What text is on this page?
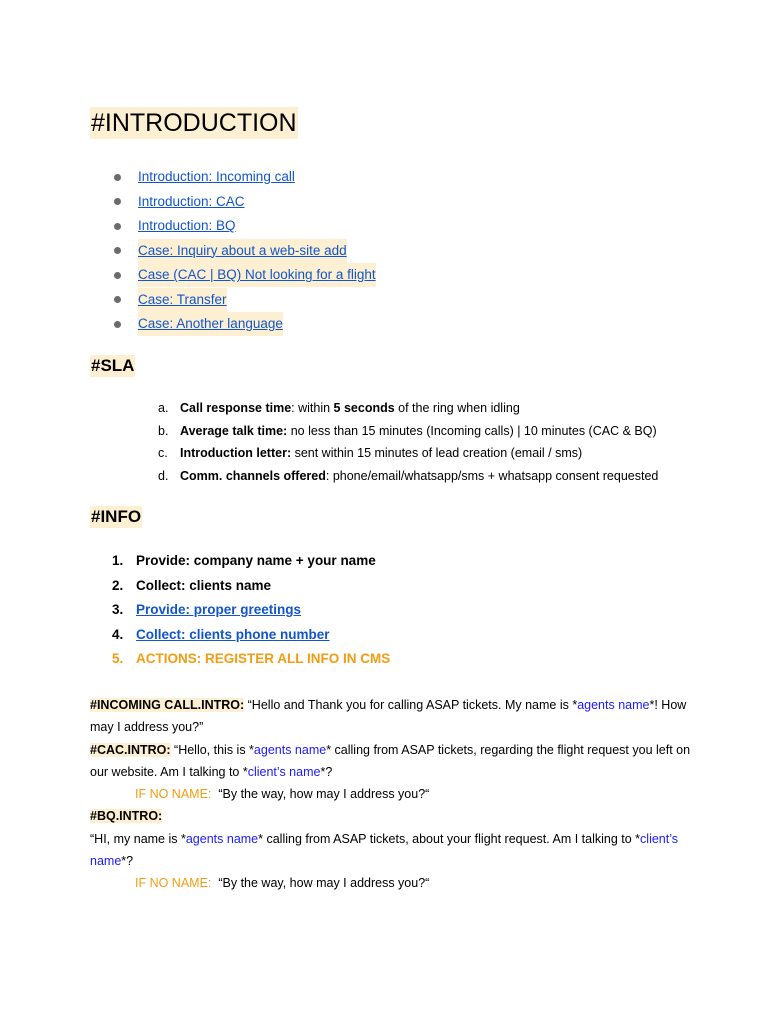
#INTRODUCTION
Introduction: Incoming call
Introduction: CAC
Introduction: BQ
Case: Inquiry about a web-site add
Case (CAC | BQ) Not looking for a flight
Case: Transfer
Case: Another language
#SLA
a. Call response time: within 5 seconds of the ring when idling
b. Average talk time: no less than 15 minutes (Incoming calls) | 10 minutes (CAC & BQ)
c. Introduction letter: sent within 15 minutes of lead creation (email / sms)
d. Comm. channels offered: phone/email/whatsapp/sms + whatsapp consent requested
#INFO
1. Provide: company name + your name
2. Collect: clients name
3. Provide: proper greetings
4. Collect: clients phone number
5. ACTIONS: REGISTER ALL INFO IN CMS

#INCOMING CALL.INTRO: “Hello and Thank you for calling ASAP tickets. My name is *agents name*! How may I address you?”

#CAC.INTRO: “Hello, this is *agents name* calling from ASAP tickets, regarding the flight request you left on our website. Am I talking to *client’s name*?

IF NO NAME: “By the way, how may I address you?“

#BQ.INTRO:

“HI, my name is *agents name* calling from ASAP tickets, about your flight request. Am I talking to *client’s name*?

IF NO NAME: “By the way, how may I address you?“
